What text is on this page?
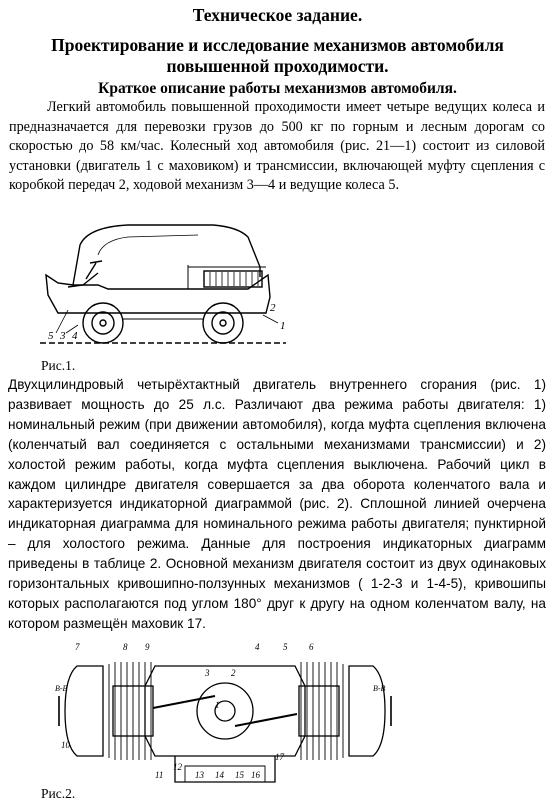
Техническое задание.
Проектирование и исследование механизмов автомобиля повышенной проходимости.
Краткое описание работы механизмов автомобиля.
Легкий автомобиль повышенной проходимости имеет четыре ведущих колеса и предназначается для перевозки грузов до 500 кг по горным и лесным дорогам со скоростью до 58 км/час. Колесный ход автомобиля (рис. 21—1) состоит из силовой установки (двигатель 1 с маховиком) и трансмиссии, включающей муфту сцепления с коробкой передач 2, ходовой механизм 3—4 и ведущие колеса 5.
1
2
3 4
5
Рис.1.
Двухцилиндровый четырёхтактный двигатель внутреннего сгорания (рис. 1) развивает мощность до 25 л.с. Различают два режима работы двигателя: 1) номинальный режим (при движении автомобиля), когда муфта сцепления включена (коленчатый вал соединяется с остальными механизмами трансмиссии) и 2) холостой режим работы, когда муфта сцепления выключена. Рабочий цикл в каждом цилиндре двигателя совершается за два оборота коленчатого вала и характеризуется индикаторной диаграммой (рис. 2). Сплошной линией очерчена индикаторная диаграмма для номинального режима работы двигателя; пунктирной – для холостого режима. Данные для построения индикаторных диаграмм приведены в таблице 2. Основной механизм двигателя состоит из двух одинаковых горизонтальных кривошипно-ползунных механизмов ( 1-2-3 и 1-4-5), кривошипы которых располагаются под углом 180° друг к другу на одном коленчатом валу, на котором размещён маховик 17.
7	8 9	4	5 6
3 2
1
В-В	В-В
10
11
12
13 14 15 16
17
Рис.2.
